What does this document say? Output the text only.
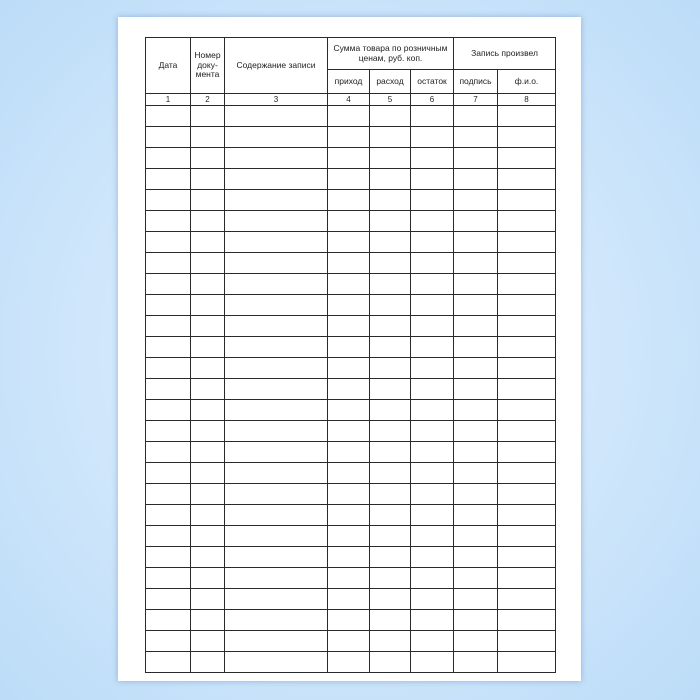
Дата	Номер доку-мента	Содержание записи	Сумма товара по розничным ценам, руб. коп.			Запись произвел	
			приход	расход	остаток	подпись	ф.и.о.
1	2	3	4	5	6	7	8
